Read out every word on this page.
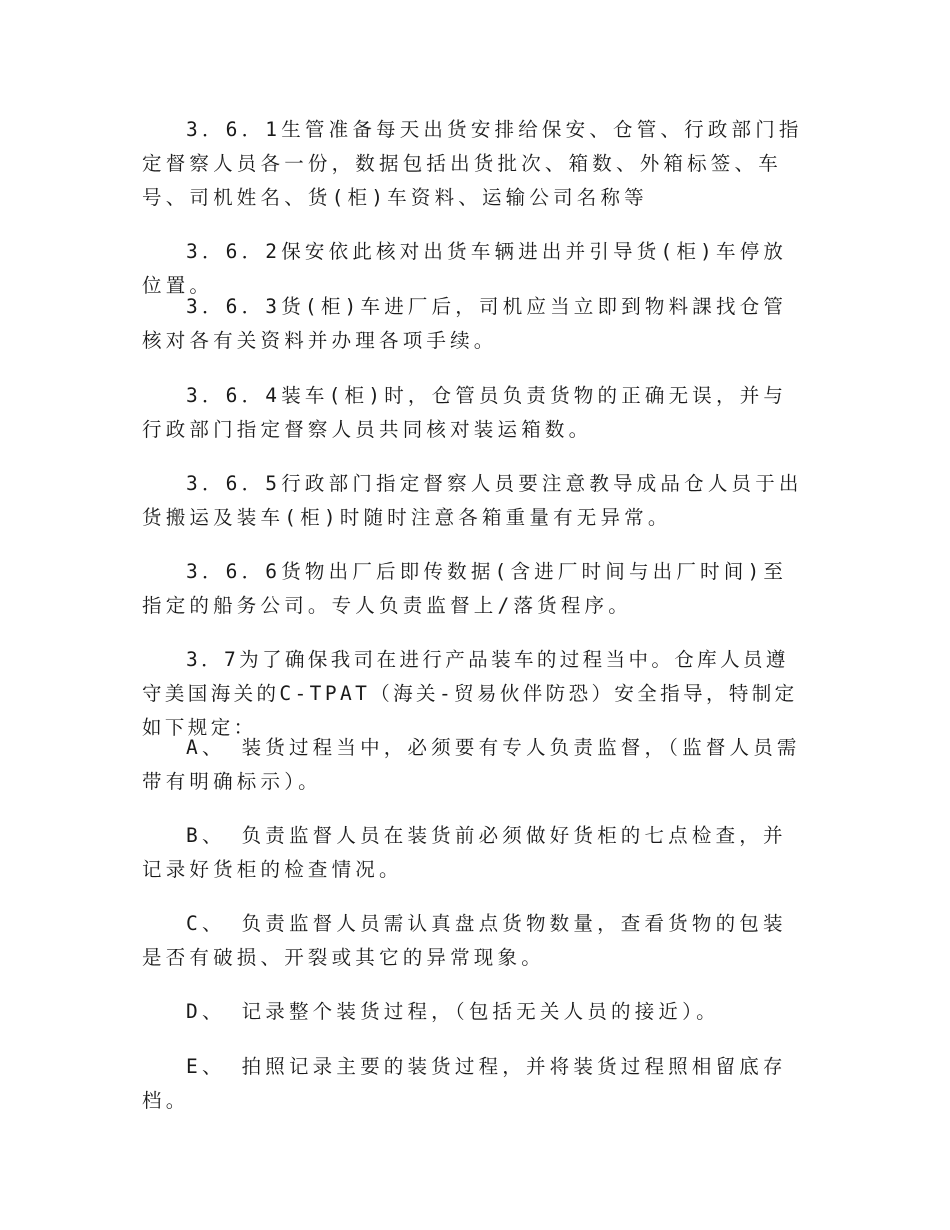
3．6．1生管准备每天出货安排给保安、仓管、行政部门指定督察人员各一份，数据包括出货批次、箱数、外箱标签、车号、司机姓名、货(柜)车资料、运输公司名称等

3．6．2保安依此核对出货车辆进出并引导货(柜)车停放位置。

3．6．3货(柜)车进厂后，司机应当立即到物料課找仓管核对各有关资料并办理各项手续。

3．6．4装车(柜)时，仓管员负责货物的正确无误，并与行政部门指定督察人员共同核对装运箱数。

3．6．5行政部门指定督察人员要注意教导成品仓人员于出货搬运及装车(柜)时随时注意各箱重量有无异常。

3．6．6货物出厂后即传数据(含进厂时间与出厂时间)至指定的船务公司。专人负责监督上/落货程序。

3．7为了确保我司在进行产品装车的过程当中。仓库人员遵守美国海关的C-TPAT（海关-贸易伙伴防恐）安全指导，特制定如下规定：

A、 装货过程当中，必须要有专人负责监督，（监督人员需带有明确标示）。

B、 负责监督人员在装货前必须做好货柜的七点检查，并记录好货柜的检查情况。

C、 负责监督人员需认真盘点货物数量，查看货物的包装是否有破损、开裂或其它的异常现象。

D、 记录整个装货过程，（包括无关人员的接近）。

E、 拍照记录主要的装货过程，并将装货过程照相留底存档。
